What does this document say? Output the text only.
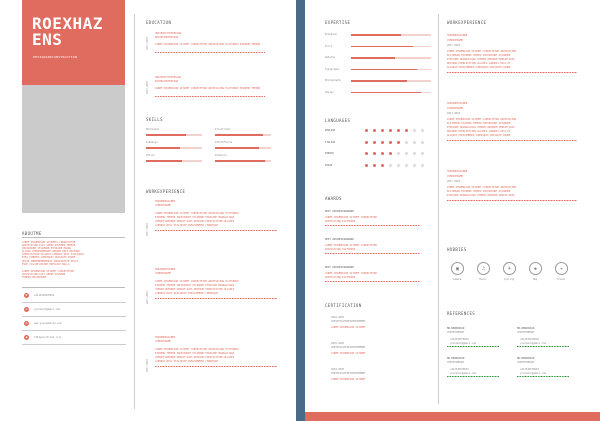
ROEXHAZ
ENS
DESIGNANDCONSTRUCTION
ABOUTME
LOREM IPSUMDOLOR SITAMETS CONSECTETUR
ADIPISICING ELIT SEDDO EIUSMOD TEMPOR
INCIDIDUNT UTLABORE ETDOLORE MAGNA
ALIQUA UTENIMADMINIM VENIAM QUIS NOSTRUD
EXERCITATION ULLAMCO LABORIS NISI UTALIQUIP
EXEA COMMODO CONSEQUAT DUISAUTE IRURE
DOLOR INREPREHENDERIT INVOLUPTATE VELIT
ESSE CILLUM DOLORE EUFUGIAT NULLA
LOREM IPSUMDOLOR SITAMET CONSECTETUR
ADIPISICING ELIT SEDDO EIUSMOD
TEMPOR INCIDIDUNT
☎	+0112345678910
✉	yourmail@gmail.com
◎	www.yourwebsite.com
◉	1234yourstreet,city
EDUCATION
2017-2018
UNIVERSITYOFDESIGN
BACHELOROFDESIGN
LOREM IPSUMDOLOR SITAMET CONSECTETUR ADIPISICING ELITSEDDO EIUSMOD TEMPOR
2017-2018
UNIVERSITYOFDESIGN
BACHELOROFDESIGN
LOREM IPSUMDOLOR SITAMET CONSECTETUR ADIPISICING ELITSEDDO EIUSMOD TEMPOR
SKILLS
Photoshop	Illustrator
InDesign	AfterEffects
Office	Premiere
WORKEXPERIENCE
2017-2018
SENIORDESIGNER
COMPANYNAME
LOREM IPSUMDOLOR SITAMET CONSECTETUR ADIPISICING ELITSEDDO
EIUSMOD TEMPOR INCIDIDUNT UTLABORE ETDOLORE MAGNAALIQUA
UTENIM ADMINIM VENIAM QUIS NOSTRUD EXERCITATION ULLAMCO
LABORIS NISI UTALIQUIP EXEACOMMODO CONSEQUAT
2017-2018
SENIORDESIGNER
COMPANYNAME
LOREM IPSUMDOLOR SITAMET CONSECTETUR ADIPISICING ELITSEDDO
EIUSMOD TEMPOR INCIDIDUNT UTLABORE ETDOLORE MAGNAALIQUA
UTENIM ADMINIM VENIAM QUIS NOSTRUD EXERCITATION ULLAMCO
LABORIS NISI UTALIQUIP EXEACOMMODO CONSEQUAT
2017-2018
SENIORDESIGNER
COMPANYNAME
LOREM IPSUMDOLOR SITAMET CONSECTETUR ADIPISICING ELITSEDDO
EIUSMOD TEMPOR INCIDIDUNT UTLABORE ETDOLORE MAGNAALIQUA
UTENIM ADMINIM VENIAM QUIS NOSTRUD EXERCITATION ULLAMCO
LABORIS NISI UTALIQUIP EXEACOMMODO CONSEQUAT
EXPERTISE
Branding
Print
Website
Typography
Photography
Design
LANGUAGES
ENGLISH
ITALIAN
FRENCH
SPAIN
AWARDS
BEST 2018DESIGNAWARD
LOREM IPSUMDOLOR SITAMET CONSECTETUR
ADIPISICING ELITSEDDO
BEST 2018DESIGNAWARD
LOREM IPSUMDOLOR SITAMET CONSECTETUR
ADIPISICING ELITSEDDO
BEST 2018DESIGNAWARD
LOREM IPSUMDOLOR SITAMET CONSECTETUR
ADIPISICING ELITSEDDO
CERTIFICATION
2018-2020
CERTIFICATEOFACHIEVEMENT
LOREM IPSUMDOLOR SITAMET
2018-2020
CERTIFICATEOFACHIEVEMENT
LOREM IPSUMDOLOR SITAMET
2018-2020
CERTIFICATEOFACHIEVEMENT
LOREM IPSUMDOLOR SITAMET
WORKEXPERIENCE
SENIORDESIGNER
COMPANYNAME
2017-2018
LOREM IPSUMDOLOR SITAMET CONSECTETUR ADIPISICING
ELITSEDDO EIUSMOD TEMPOR INCIDIDUNT UTLABORE
ETDOLORE MAGNAALIQUA UTENIM ADMINIM VENIAM QUIS
NOSTRUD EXERCITATION ULLAMCO LABORIS NISI UT
ALIQUIP EXEACOMMODO CONSEQUAT DUISAUTE IRURE
SENIORDESIGNER
COMPANYNAME
2017-2018
LOREM IPSUMDOLOR SITAMET CONSECTETUR ADIPISICING
ELITSEDDO EIUSMOD TEMPOR INCIDIDUNT UTLABORE
ETDOLORE MAGNAALIQUA UTENIM ADMINIM VENIAM QUIS
NOSTRUD EXERCITATION ULLAMCO LABORIS NISI UT
ALIQUIP EXEACOMMODO CONSEQUAT DUISAUTE IRURE
SENIORDESIGNER
COMPANYNAME
2017-2018
LOREM IPSUMDOLOR SITAMET CONSECTETUR ADIPISICING
ELITSEDDO EIUSMOD TEMPOR INCIDIDUNT UTLABORE
ETDOLORE MAGNAALIQUA UTENIM ADMINIM VENIAM QUIS
HOBBIES
▣
Camera
♫
Music
⚘
Cycling
◈
Map
✈
Travel
REFERENCES
MR.BEDROSIAN
CEOOFCOMPANY
+012345678910
yourmail@gmail.com
MR.BEDROSIAN
CEOOFCOMPANY
+012345678910
yourmail@gmail.com
MR.BEDROSIAN
CEOOFCOMPANY
+012345678910
yourmail@gmail.com
MR.BEDROSIAN
CEOOFCOMPANY
+012345678910
yourmail@gmail.com
